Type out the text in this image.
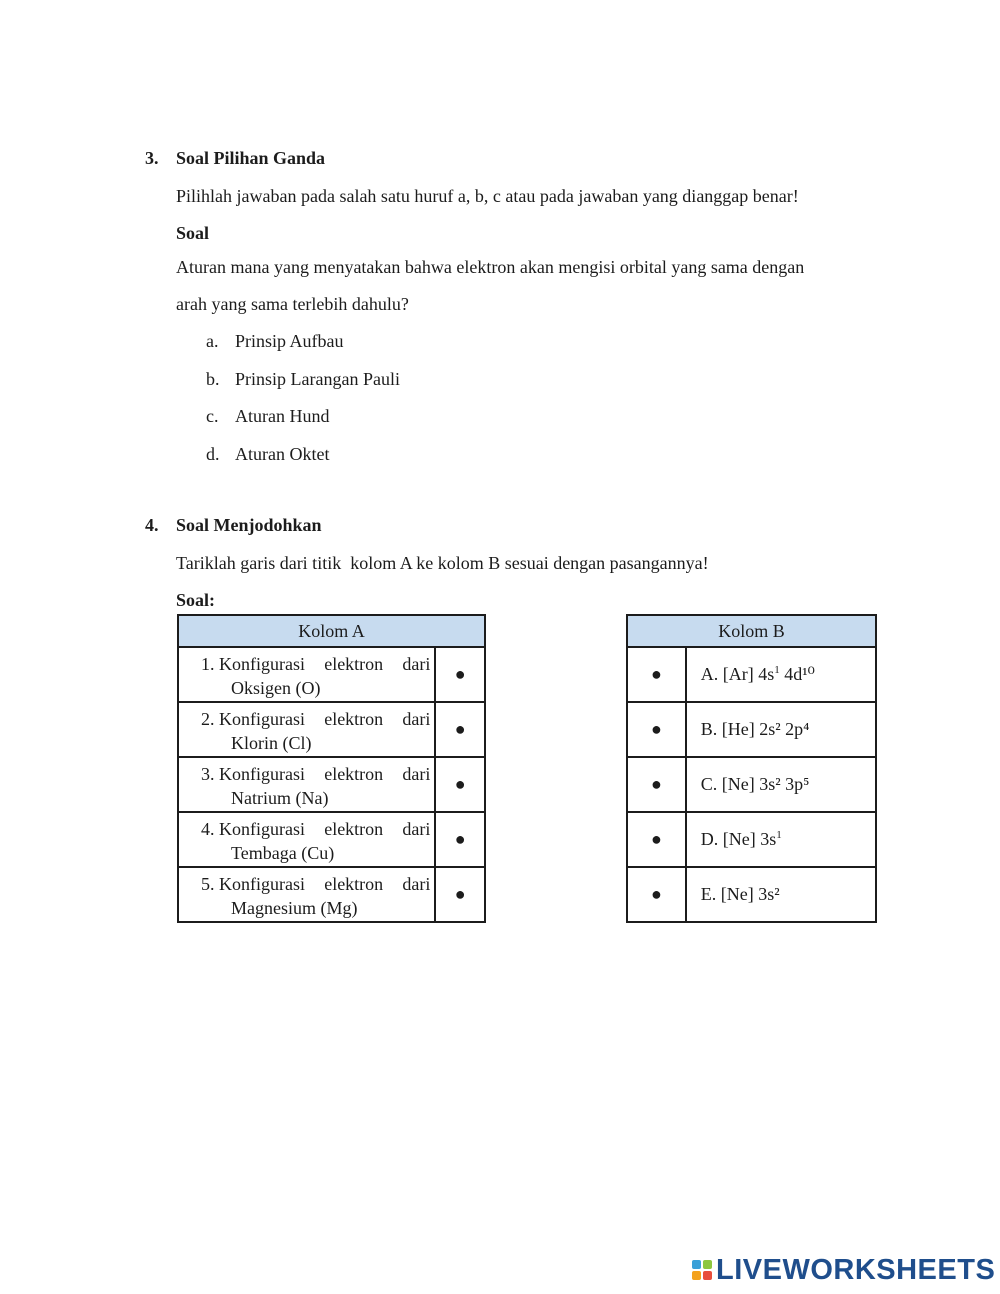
3. Soal Pilihan Ganda
Pilihlah jawaban pada salah satu huruf a, b, c atau pada jawaban yang dianggap benar!
Soal
Aturan mana yang menyatakan bahwa elektron akan mengisi orbital yang sama dengan
arah yang sama terlebih dahulu?
a. Prinsip Aufbau
b. Prinsip Larangan Pauli
c. Aturan Hund
d. Aturan Oktet
4. Soal Menjodohkan
Tariklah garis dari titik  kolom A ke kolom B sesuai dengan pasangannya!
Soal:
Kolom A	

1. Konfigurasi elektron dari
Oksigen (O)	●

2. Konfigurasi elektron dari
Klorin (Cl)	●

3. Konfigurasi elektron dari
Natrium (Na)	●

4. Konfigurasi elektron dari
Tembaga (Cu)	●

5. Konfigurasi elektron dari
Magnesium (Mg)	●
Kolom B	
●	A. [Ar] $4s^1$ 4d¹⁰
●	B. [He] 2s² 2p⁴
●	C. [Ne] 3s² 3p⁵
●	D. [Ne] $3s^1$
●	E. [Ne] 3s²
LIVEWORKSHEETS
